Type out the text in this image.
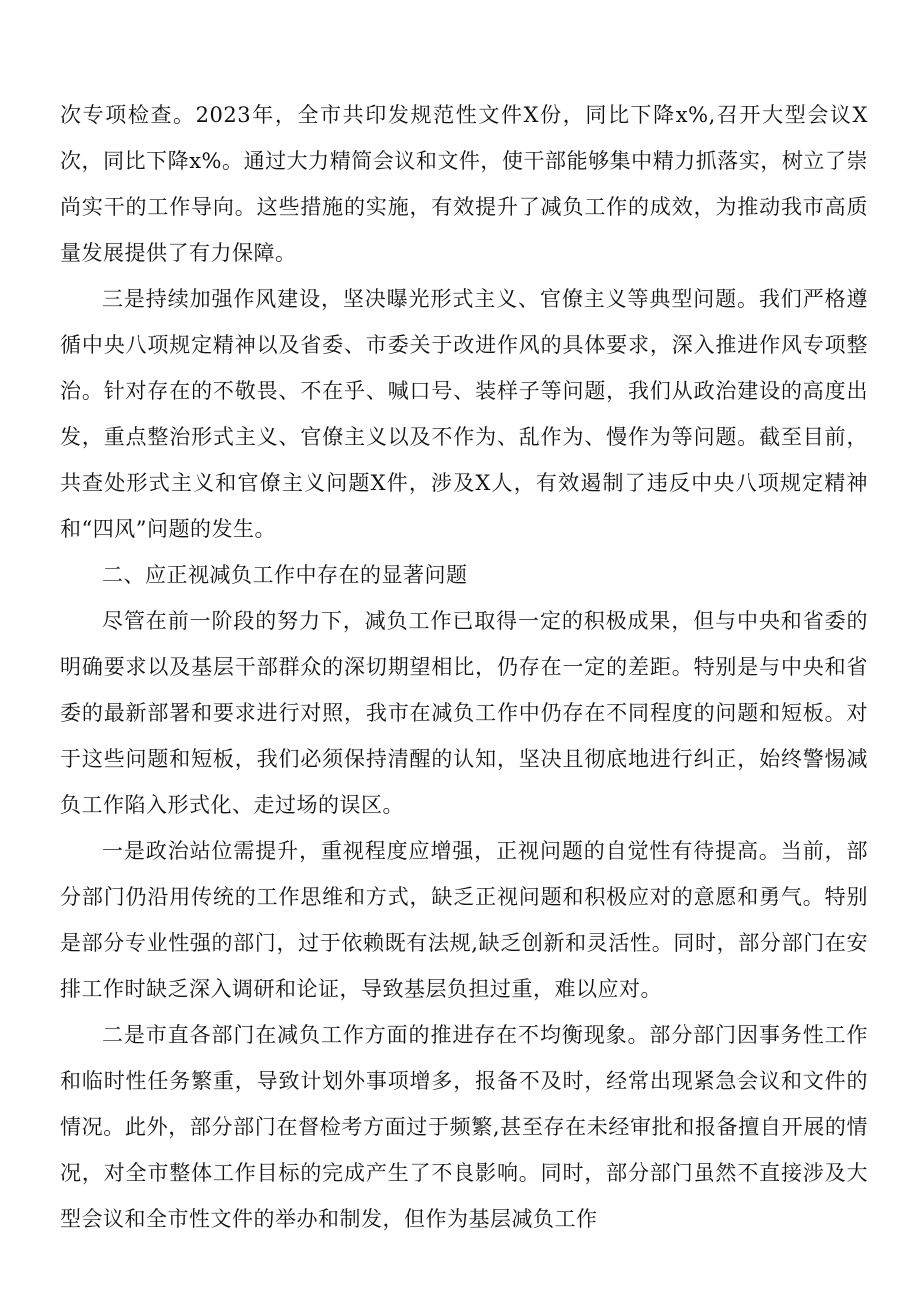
次专项检查。2023年，全市共印发规范性文件X份，同比下降x%,召开大型会议X次，同比下降x%。通过大力精简会议和文件，使干部能够集中精力抓落实，树立了崇尚实干的工作导向。这些措施的实施，有效提升了减负工作的成效，为推动我市高质量发展提供了有力保障。

三是持续加强作风建设，坚决曝光形式主义、官僚主义等典型问题。我们严格遵循中央八项规定精神以及省委、市委关于改进作风的具体要求，深入推进作风专项整治。针对存在的不敬畏、不在乎、喊口号、装样子等问题，我们从政治建设的高度出发，重点整治形式主义、官僚主义以及不作为、乱作为、慢作为等问题。截至目前，共查处形式主义和官僚主义问题X件，涉及X人，有效遏制了违反中央八项规定精神和“四风”问题的发生。

二、应正视减负工作中存在的显著问题

尽管在前一阶段的努力下，减负工作已取得一定的积极成果，但与中央和省委的明确要求以及基层干部群众的深切期望相比，仍存在一定的差距。特别是与中央和省委的最新部署和要求进行对照，我市在减负工作中仍存在不同程度的问题和短板。对于这些问题和短板，我们必须保持清醒的认知，坚决且彻底地进行纠正，始终警惕减负工作陷入形式化、走过场的误区。

一是政治站位需提升，重视程度应增强，正视问题的自觉性有待提高。当前，部分部门仍沿用传统的工作思维和方式，缺乏正视问题和积极应对的意愿和勇气。特别是部分专业性强的部门，过于依赖既有法规,缺乏创新和灵活性。同时，部分部门在安排工作时缺乏深入调研和论证，导致基层负担过重，难以应对。

二是市直各部门在减负工作方面的推进存在不均衡现象。部分部门因事务性工作和临时性任务繁重，导致计划外事项增多，报备不及时，经常出现紧急会议和文件的情况。此外，部分部门在督检考方面过于频繁,甚至存在未经审批和报备擅自开展的情况，对全市整体工作目标的完成产生了不良影响。同时，部分部门虽然不直接涉及大型会议和全市性文件的举办和制发，但作为基层减负工作
